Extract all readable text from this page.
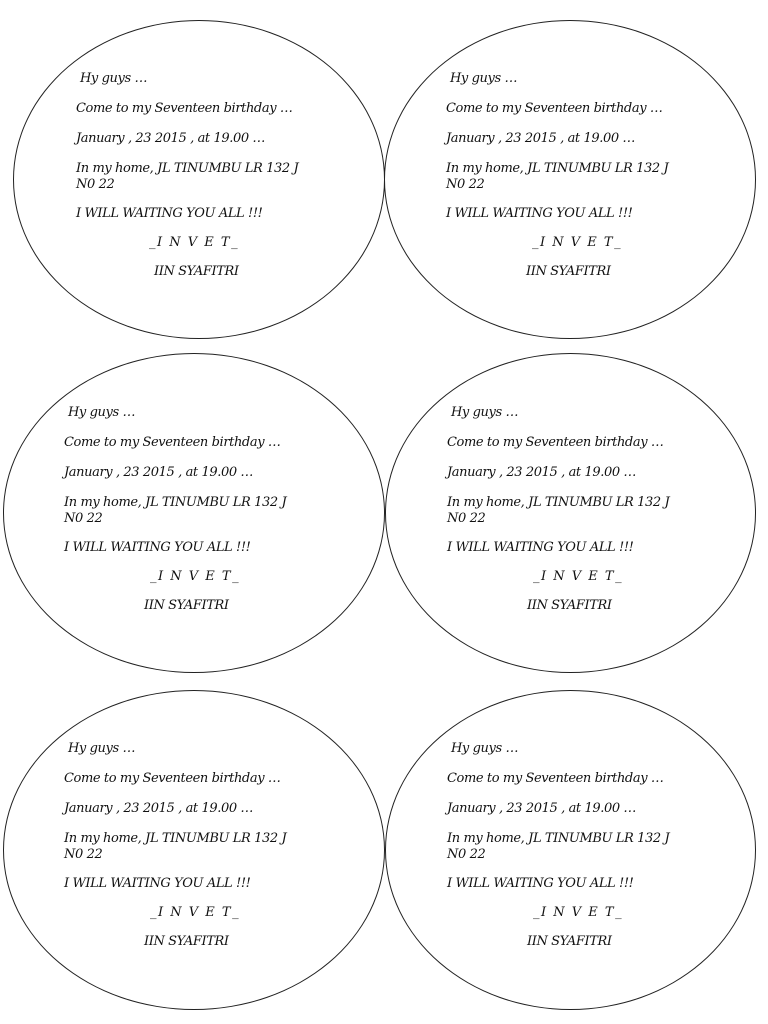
Hy guys …

Come to my Seventeen birthday …

January , 23 2015 , at 19.00 …

In my home, JL TINUMBU LR 132 J

N0 22

I WILL WAITING YOU ALL !!!

_I N V E T_

IIN SYAFITRI

Hy guys …

Come to my Seventeen birthday …

January , 23 2015 , at 19.00 …

In my home, JL TINUMBU LR 132 J

N0 22

I WILL WAITING YOU ALL !!!

_I N V E T_

IIN SYAFITRI

Hy guys …

Come to my Seventeen birthday …

January , 23 2015 , at 19.00 …

In my home, JL TINUMBU LR 132 J

N0 22

I WILL WAITING YOU ALL !!!

_I N V E T_

IIN SYAFITRI

Hy guys …

Come to my Seventeen birthday …

January , 23 2015 , at 19.00 …

In my home, JL TINUMBU LR 132 J

N0 22

I WILL WAITING YOU ALL !!!

_I N V E T_

IIN SYAFITRI

Hy guys …

Come to my Seventeen birthday …

January , 23 2015 , at 19.00 …

In my home, JL TINUMBU LR 132 J

N0 22

I WILL WAITING YOU ALL !!!

_I N V E T_

IIN SYAFITRI

Hy guys …

Come to my Seventeen birthday …

January , 23 2015 , at 19.00 …

In my home, JL TINUMBU LR 132 J

N0 22

I WILL WAITING YOU ALL !!!

_I N V E T_

IIN SYAFITRI
